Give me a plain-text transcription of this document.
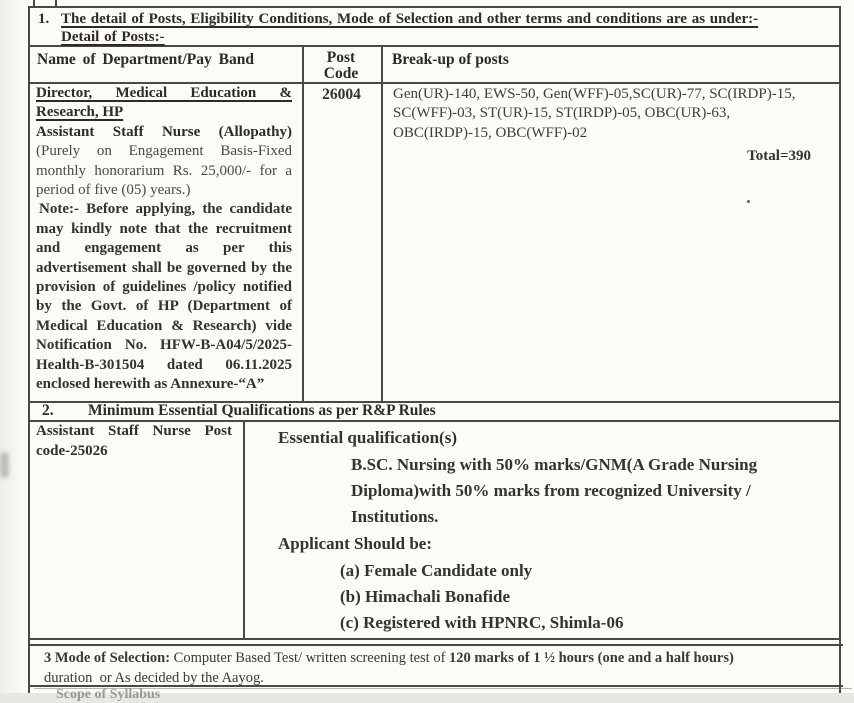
1. The detail of Posts, Eligibility Conditions, Mode of Selection and other terms and conditions are as under:-
Detail of Posts:-
Name of Department/Pay Band	Post Code
Break-up of posts
Director, Medical Education & Research, HP
Assistant Staff Nurse (Allopathy) (Purely on Engagement Basis-Fixed monthly honorarium Rs. 25,000/- for a period of five (05) years.)
Note:- Before applying, the candidate may kindly note that the recruitment and engagement as per this advertisement shall be governed by the provision of guidelines /policy notified by the Govt. of HP (Department of Medical Education & Research) vide Notification No. HFW-B-A04/5/2025-Health-B-301504 dated 06.11.2025 enclosed herewith as Annexure-“A”
26004	Gen(UR)-140, EWS-50, Gen(WFF)-05,SC(UR)-77, SC(IRDP)-15, SC(WFF)-03, ST(UR)-15, ST(IRDP)-05, OBC(UR)-63, OBC(IRDP)-15, OBC(WFF)-02
Total=390
2. Minimum Essential Qualifications as per R&P Rules
Assistant Staff Nurse Post code-25026
Essential qualification(s)
B.SC. Nursing with 50% marks/GNM(A Grade Nursing Diploma)with 50% marks from recognized University / Institutions.
Applicant Should be:
(a) Female Candidate only
(b) Himachali Bonafide
(c) Registered with HPNRC, Shimla-06
3 Mode of Selection: Computer Based Test/ written screening test of 120 marks of 1 ½ hours (one and a half hours)
duration  or As decided by the Aayog.
Scope of Syllabus
